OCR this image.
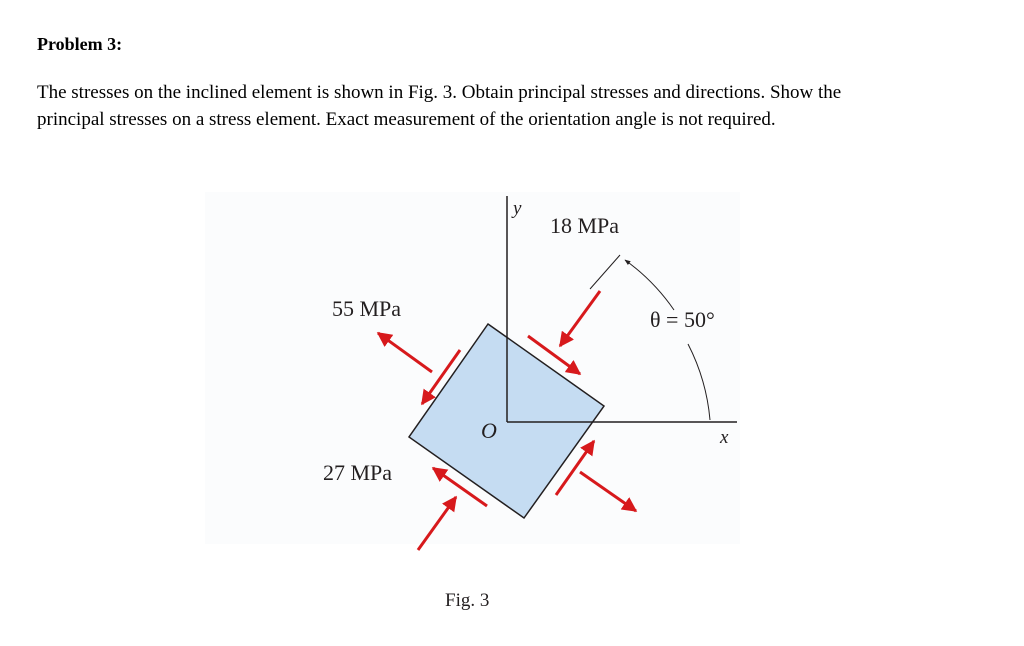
Problem 3:

The stresses on the inclined element is shown in Fig. 3. Obtain principal stresses and directions. Show the
principal stresses on a stress element. Exact measurement of the orientation angle is not required.
y
x
O
18 MPa
55 MPa
27 MPa
θ = 50°
Fig. 3
